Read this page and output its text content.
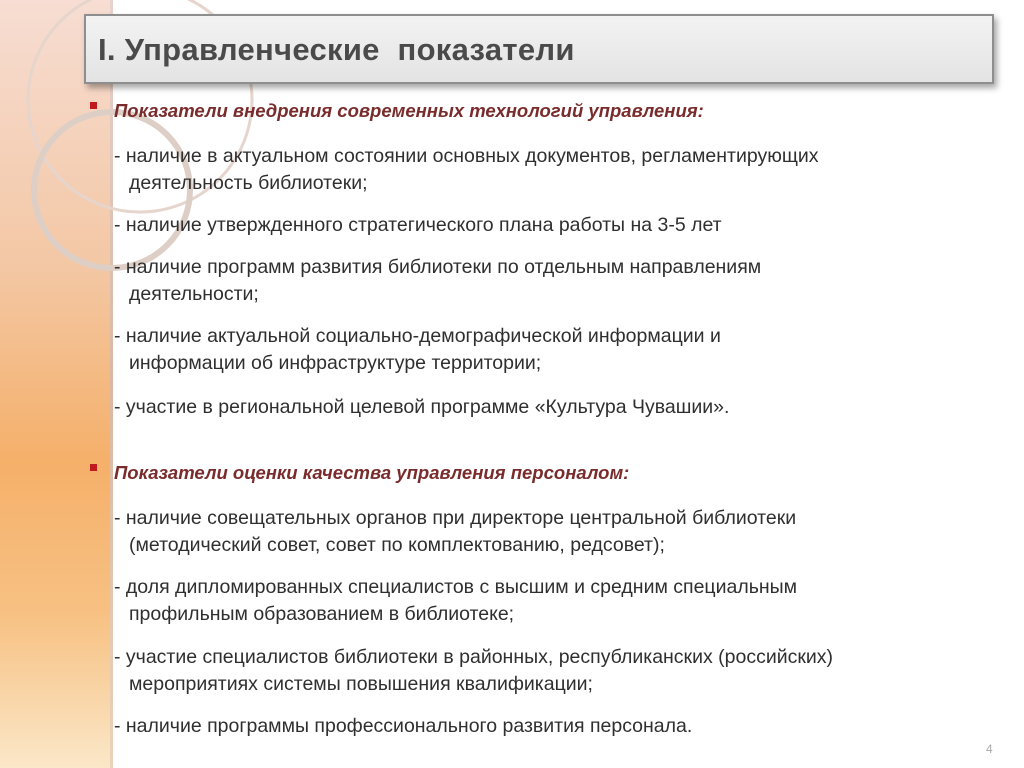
I. Управленческие  показатели
Показатели внедрения современных технологий управления:
- наличие в актуальном состоянии основных документов, регламентирующих
деятельность библиотеки;
- наличие утвержденного стратегического плана работы на 3-5 лет
- наличие программ развития библиотеки по отдельным направлениям
деятельности;
- наличие актуальной социально-демографической информации и
информации об инфраструктуре территории;
- участие в региональной целевой программе «Культура Чувашии».
Показатели оценки качества управления персоналом:
- наличие совещательных органов при директоре центральной библиотеки
(методический совет, совет по комплектованию, редсовет);
- доля дипломированных специалистов с высшим и средним специальным
профильным образованием в библиотеке;
- участие специалистов библиотеки в районных, республиканских (российских)
мероприятиях системы повышения квалификации;
- наличие программы профессионального развития персонала.
4
